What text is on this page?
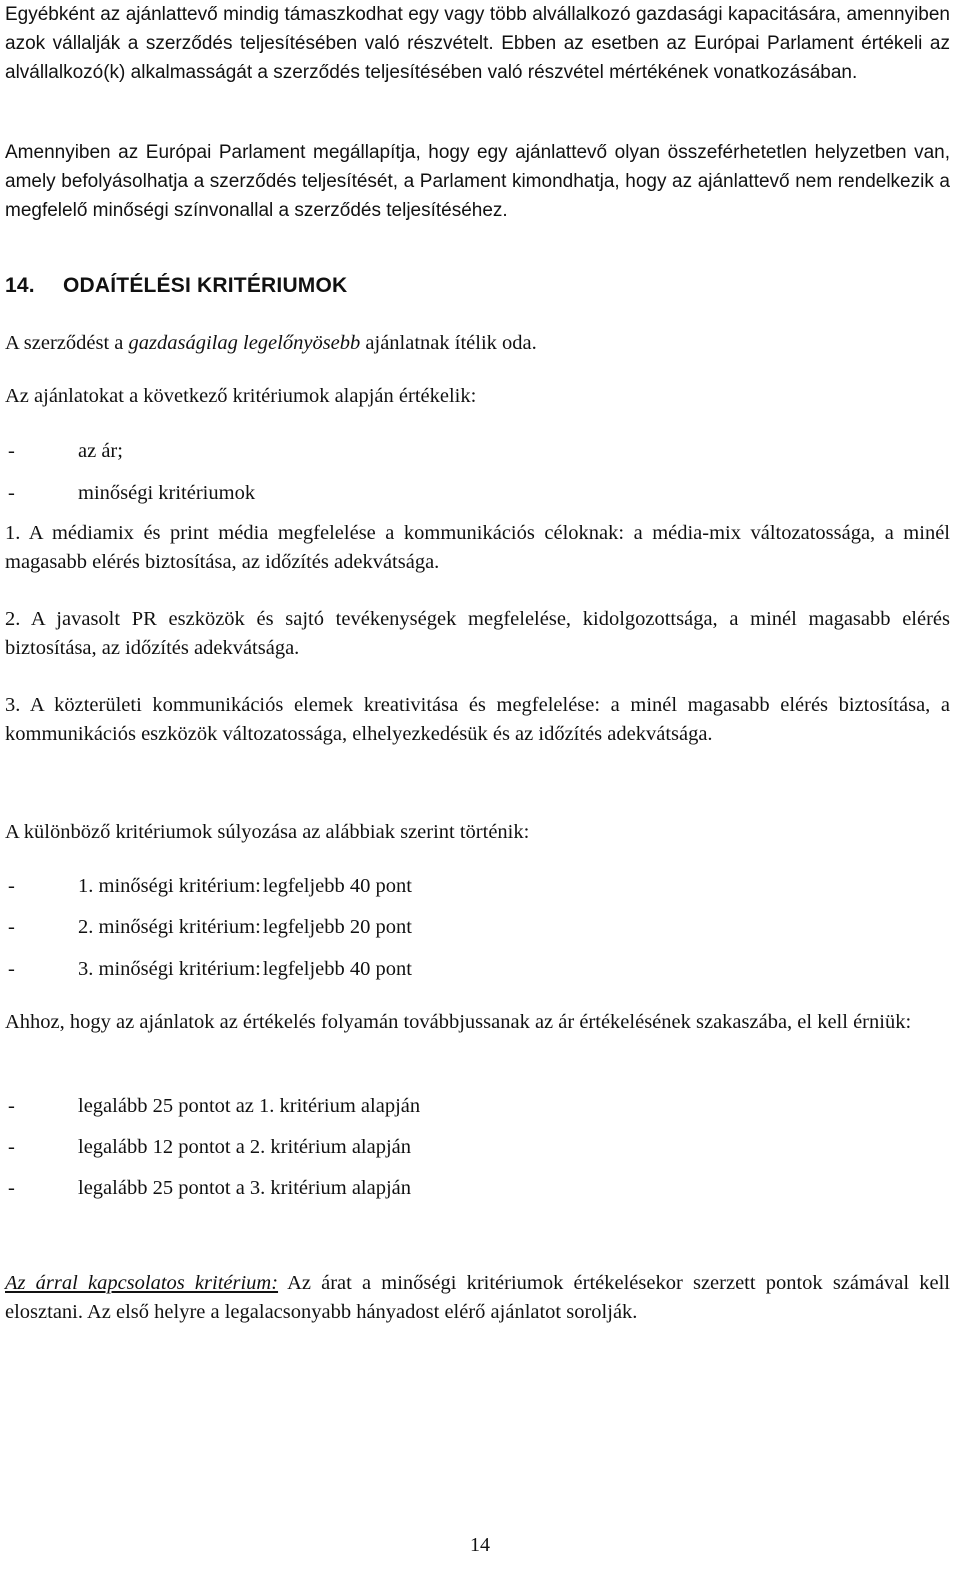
Egyébként az ajánlattevő mindig támaszkodhat egy vagy több alvállalkozó gazdasági kapacitására, amennyiben azok vállalják a szerződés teljesítésében való részvételt. Ebben az esetben az Európai Parlament értékeli az alvállalkozó(k) alkalmasságát a szerződés teljesítésében való részvétel mértékének vonatkozásában.

Amennyiben az Európai Parlament megállapítja, hogy egy ajánlattevő olyan összeférhetetlen helyzetben van, amely befolyásolhatja a szerződés teljesítését, a Parlament kimondhatja, hogy az ajánlattevő nem rendelkezik a megfelelő minőségi színvonallal a szerződés teljesítéséhez.

14. ODAÍTÉLÉSI KRITÉRIUMOK
A szerződést a gazdaságilag legelőnyösebb ajánlatnak ítélik oda.
Az ajánlatokat a következő kritériumok alapján értékelik:
-	az ár;
-	minőségi kritériumok

1. A médiamix és print média megfelelése a kommunikációs céloknak: a média-mix változatossága, a minél magasabb elérés biztosítása, az időzítés adekvátsága.

2. A javasolt PR eszközök és sajtó tevékenységek megfelelése, kidolgozottsága, a minél magasabb elérés biztosítása, az időzítés adekvátsága.

3. A közterületi kommunikációs elemek kreativitása és megfelelése: a minél magasabb elérés biztosítása, a kommunikációs eszközök változatossága, elhelyezkedésük és az időzítés adekvátsága.

A különböző kritériumok súlyozása az alábbiak szerint történik:
-	1. minőségi kritérium:legfeljebb 40 pont
-	2. minőségi kritérium:legfeljebb 20 pont
-	3. minőségi kritérium:legfeljebb 40 pont

Ahhoz, hogy az ajánlatok az értékelés folyamán továbbjussanak az ár értékelésének szakaszába, el kell érniük:

-	legalább 25 pontot az 1. kritérium alapján
-	legalább 12 pontot a 2. kritérium alapján
-	legalább 25 pontot a 3. kritérium alapján

Az árral kapcsolatos kritérium: Az árat a minőségi kritériumok értékelésekor szerzett pontok számával kell elosztani. Az első helyre a legalacsonyabb hányadost elérő ajánlatot sorolják.

14
